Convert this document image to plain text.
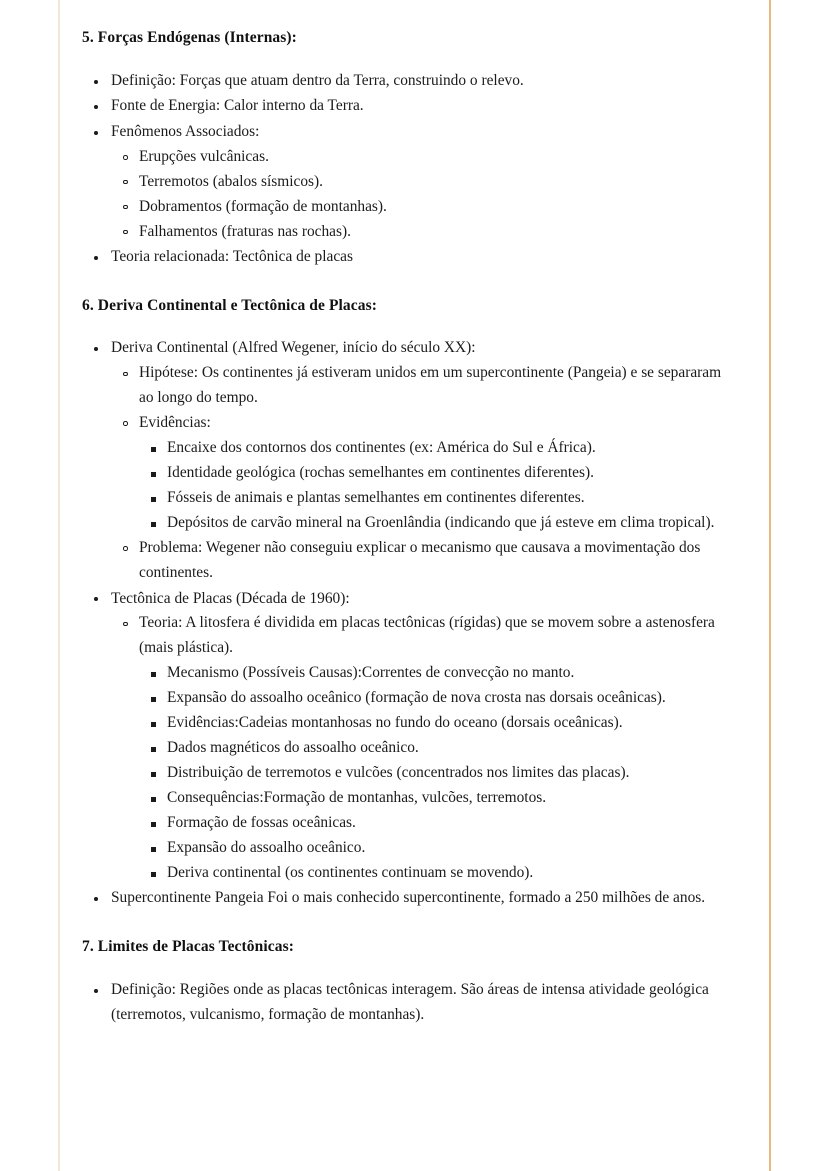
5. Forças Endógenas (Internas):
Definição: Forças que atuam dentro da Terra, construindo o relevo.
Fonte de Energia: Calor interno da Terra.
Fenômenos Associados:
Erupções vulcânicas.
Terremotos (abalos sísmicos).
Dobramentos (formação de montanhas).
Falhamentos (fraturas nas rochas).
Teoria relacionada: Tectônica de placas
6. Deriva Continental e Tectônica de Placas:
Deriva Continental (Alfred Wegener, início do século XX):
Hipótese: Os continentes já estiveram unidos em um supercontinente (Pangeia) e se separaram ao longo do tempo.
Evidências:
Encaixe dos contornos dos continentes (ex: América do Sul e África).
Identidade geológica (rochas semelhantes em continentes diferentes).
Fósseis de animais e plantas semelhantes em continentes diferentes.
Depósitos de carvão mineral na Groenlândia (indicando que já esteve em clima tropical).
Problema: Wegener não conseguiu explicar o mecanismo que causava a movimentação dos continentes.
Tectônica de Placas (Década de 1960):
Teoria: A litosfera é dividida em placas tectônicas (rígidas) que se movem sobre a astenosfera (mais plástica).
Mecanismo (Possíveis Causas):Correntes de convecção no manto.
Expansão do assoalho oceânico (formação de nova crosta nas dorsais oceânicas).
Evidências:Cadeias montanhosas no fundo do oceano (dorsais oceânicas).
Dados magnéticos do assoalho oceânico.
Distribuição de terremotos e vulcões (concentrados nos limites das placas).
Consequências:Formação de montanhas, vulcões, terremotos.
Formação de fossas oceânicas.
Expansão do assoalho oceânico.
Deriva continental (os continentes continuam se movendo).
Supercontinente Pangeia Foi o mais conhecido supercontinente, formado a 250 milhões de anos.
7. Limites de Placas Tectônicas:
Definição: Regiões onde as placas tectônicas interagem. São áreas de intensa atividade geológica (terremotos, vulcanismo, formação de montanhas).
